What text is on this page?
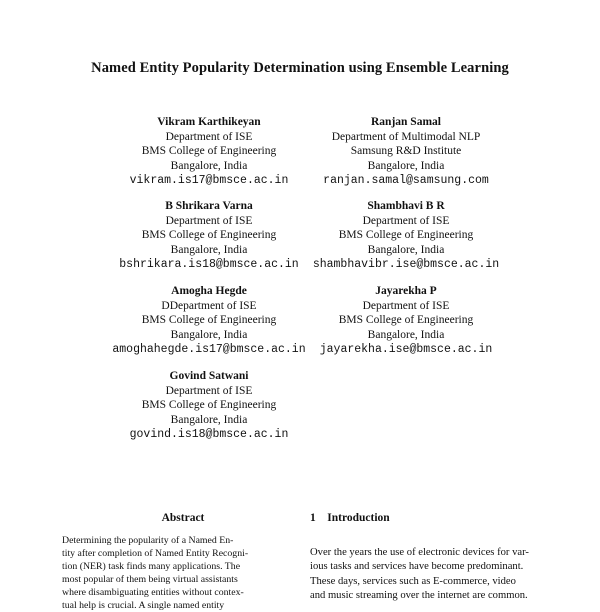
Named Entity Popularity Determination using Ensemble Learning
Vikram Karthikeyan
Department of ISE
BMS College of Engineering
Bangalore, India
vikram.is17@bmsce.ac.in
Ranjan Samal
Department of Multimodal NLP
Samsung R&D Institute
Bangalore, India
ranjan.samal@samsung.com
B Shrikara Varna
Department of ISE
BMS College of Engineering
Bangalore, India
bshrikara.is18@bmsce.ac.in
Shambhavi B R
Department of ISE
BMS College of Engineering
Bangalore, India
shambhavibr.ise@bmsce.ac.in
Amogha Hegde
DDepartment of ISE
BMS College of Engineering
Bangalore, India
amoghahegde.is17@bmsce.ac.in
Jayarekha P
Department of ISE
BMS College of Engineering
Bangalore, India
jayarekha.ise@bmsce.ac.in
Govind Satwani
Department of ISE
BMS College of Engineering
Bangalore, India
govind.is18@bmsce.ac.in
Abstract
Determining the popularity of a Named En-
tity after completion of Named Entity Recogni-
tion (NER) task finds many applications. The
most popular of them being virtual assistants
where disambiguating entities without contex-
tual help is crucial. A single named entity
1    Introduction
Over the years the use of electronic devices for var-
ious tasks and services have become predominant.
These days, services such as E-commerce, video
and music streaming over the internet are common.
